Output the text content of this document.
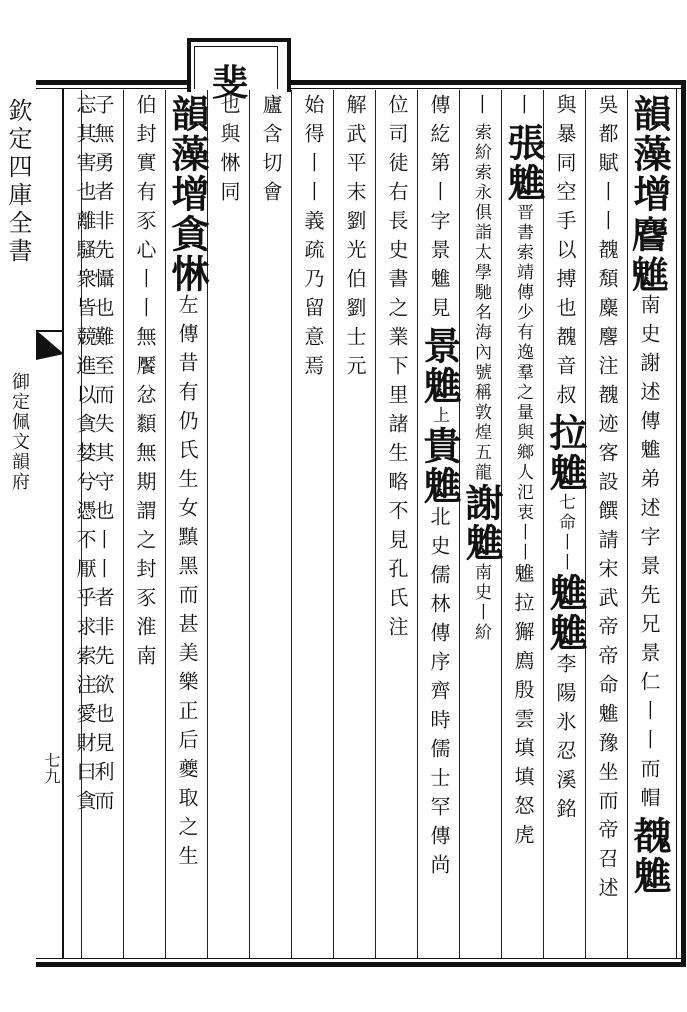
斐
欽定四庫全書
御定佩文韻府
七九
韻藻增𪊨魋南史謝述傳魋弟述字景先兄景仁丨丨而帽䰩魋
吳都賦丨丨䰩頽麋麐注䰩迹客設饌請宋武帝帝命魋豫坐而帝召述
與暴同空手以搏也䰩音叔拉魋七命丨丨魋魋李陽氷忍溪銘
丨張魋晋書索靖傳少有逸羣之量與鄉人氾衷丨丨魋拉獬廌殷雲填填怒虎
丨索紒索永俱詣太學馳名海內號稱敦煌五龍謝魋南史丨紒
傳紇第丨字景魋見景魋上貴魋北史儒林傳序齊時儒士罕傳尚
位司徒右長史書之業下里諸生略不見孔氏注
解武平末劉光伯劉士元
始得丨丨義疏乃留意焉
廬含切會
也與惏同
韻藻增貪惏左傳昔有仍氏生女黰黑而甚美樂正后夔取之生
伯封實有豕心丨丨無饜忿纇無期謂之封豕淮南
子無勇者非先懾也難至而失其守也丨丨者非先欲也見利而
忘其害也離騷衆皆競進以貪婪兮憑不厭乎求索注愛財曰貪
